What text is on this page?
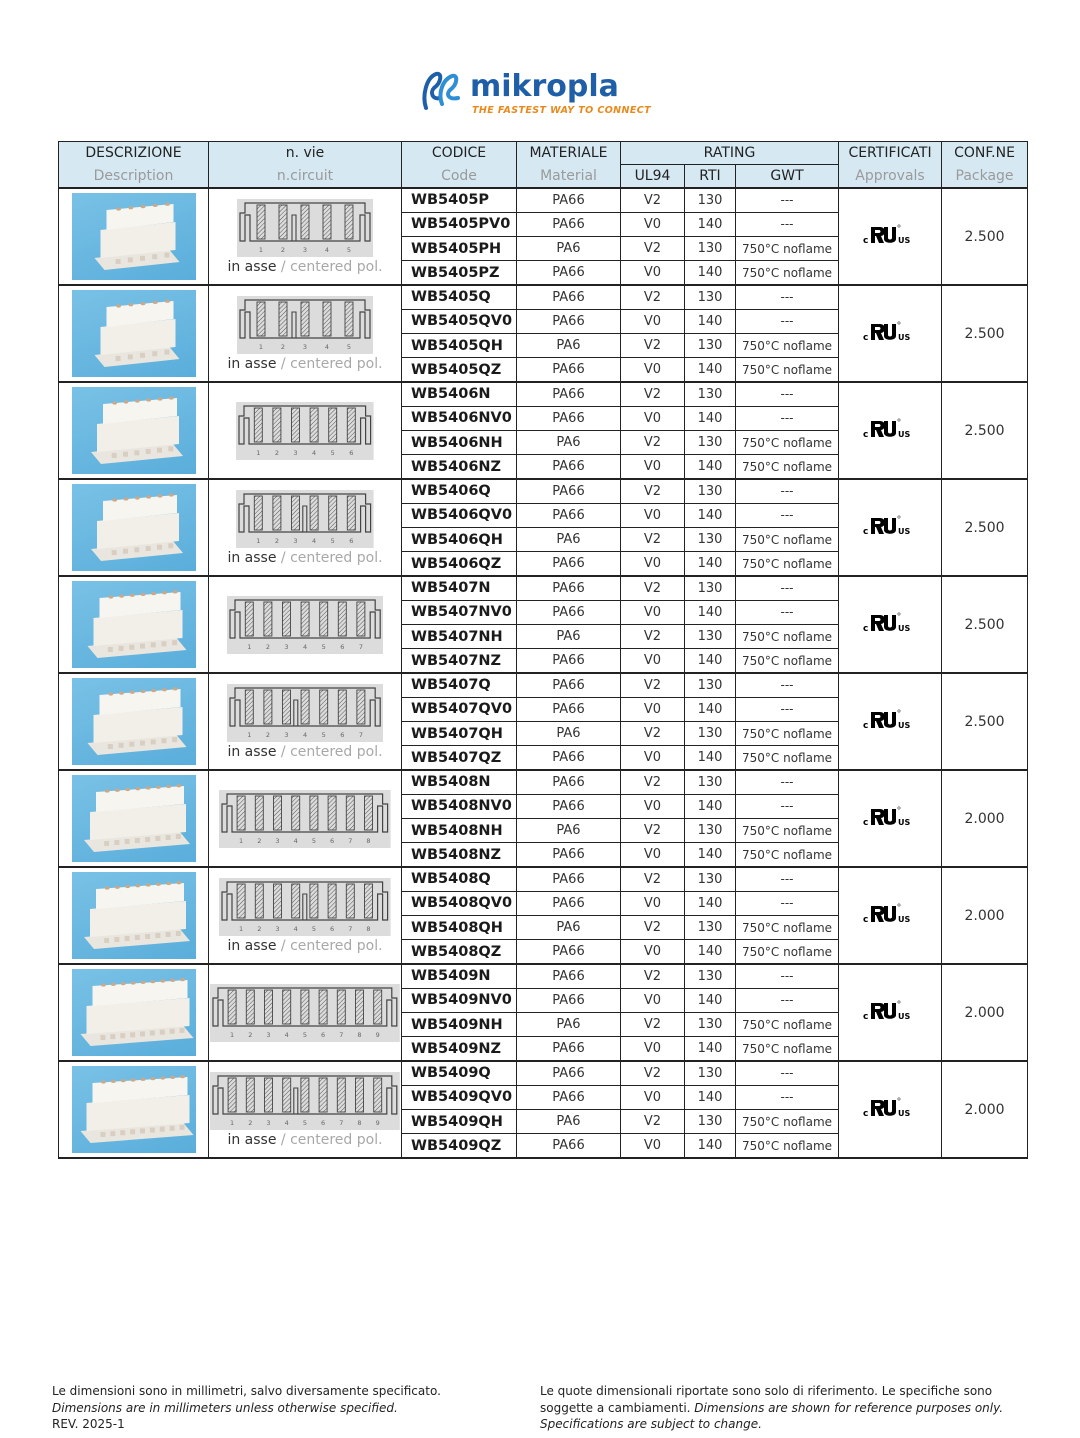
mikropla
THE FASTEST WAY TO CONNECT
DESCRIZIONE	n. vie	CODICE	MATERIALE	RATING			CERTIFICATI	CONF.NE
Description	n.circuit	Code	Material	UL94	RTI	GWT	Approvals	Package

1	2	3	4	5
in asse / centered pol.
	WB5405P	PA66	V2	130	---	
c	US	2.500
		WB5405PV0	PA66	V0	140	---		
		WB5405PH	PA6	V2	130	750°C noflame		
		WB5405PZ	PA66	V0	140	750°C noflame		

1	2	3	4	5
in asse / centered pol.
	WB5405Q	PA66	V2	130	---	
c	US	2.500
		WB5405QV0	PA66	V0	140	---		
		WB5405QH	PA6	V2	130	750°C noflame		
		WB5405QZ	PA66	V0	140	750°C noflame		

1 2 3 4 5 6
	WB5406N	PA66	V2	130	---	
c	US	2.500
		WB5406NV0	PA66	V0	140	---		
		WB5406NH	PA6	V2	130	750°C noflame		
		WB5406NZ	PA66	V0	140	750°C noflame		

1 2 3 4 5 6
in asse / centered pol.
	WB5406Q	PA66	V2	130	---	
c	US	2.500
		WB5406QV0	PA66	V0	140	---		
		WB5406QH	PA6	V2	130	750°C noflame		
		WB5406QZ	PA66	V0	140	750°C noflame		

1 2 3 4 5 6 7
	WB5407N	PA66	V2	130	---	
c	US	2.500
		WB5407NV0	PA66	V0	140	---		
		WB5407NH	PA6	V2	130	750°C noflame		
		WB5407NZ	PA66	V0	140	750°C noflame		

1 2 3 4 5 6 7
in asse / centered pol.
	WB5407Q	PA66	V2	130	---	
c	US	2.500
		WB5407QV0	PA66	V0	140	---		
		WB5407QH	PA6	V2	130	750°C noflame		
		WB5407QZ	PA66	V0	140	750°C noflame		

1 2 3 4 5 6 7 8
	WB5408N	PA66	V2	130	---	
c	US	2.000
		WB5408NV0	PA66	V0	140	---		
		WB5408NH	PA6	V2	130	750°C noflame		
		WB5408NZ	PA66	V0	140	750°C noflame		

1 2 3 4 5 6 7 8
in asse / centered pol.
	WB5408Q	PA66	V2	130	---	
c	US	2.000
		WB5408QV0	PA66	V0	140	---		
		WB5408QH	PA6	V2	130	750°C noflame		
		WB5408QZ	PA66	V0	140	750°C noflame		

1 2 3 4 5 6 7 8 9
	WB5409N	PA66	V2	130	---	
c	US	2.000
		WB5409NV0	PA66	V0	140	---		
		WB5409NH	PA6	V2	130	750°C noflame		
		WB5409NZ	PA66	V0	140	750°C noflame		

1 2 3 4 5 6 7 8 9
in asse / centered pol.
	WB5409Q	PA66	V2	130	---	
c	US	2.000
		WB5409QV0	PA66	V0	140	---		
		WB5409QH	PA6	V2	130	750°C noflame		
		WB5409QZ	PA66	V0	140	750°C noflame		
Le dimensioni sono in millimetri, salvo diversamente specificato.
Dimensions are in millimeters unless otherwise specified.
REV. 2025-1
Le quote dimensionali riportate sono solo di riferimento. Le specifiche sono soggette a cambiamenti. Dimensions are shown for reference purposes only. Specifications are subject to change.
